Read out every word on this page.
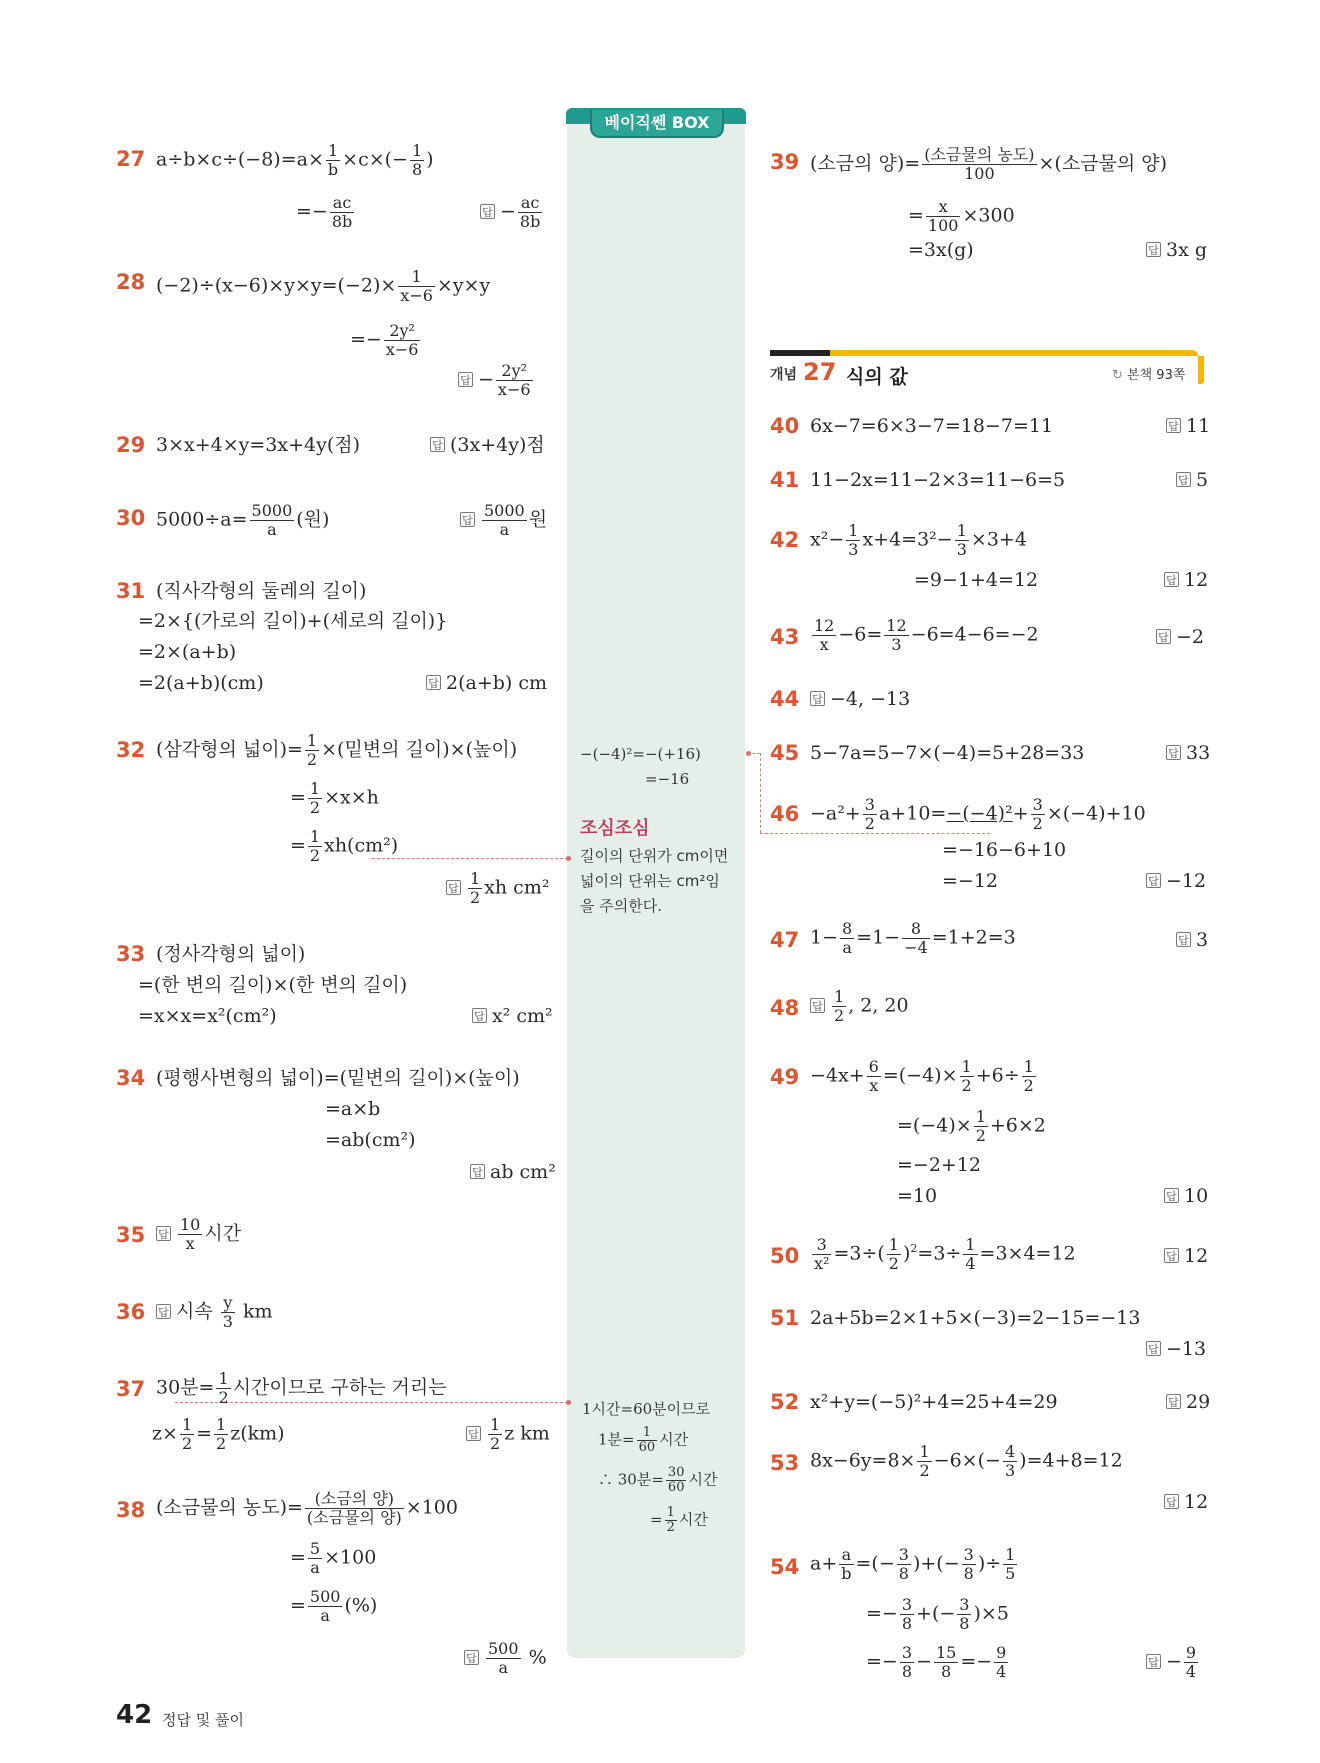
베이직쎈 BOX
−(−4)²=−(+16)
=−16
조심조심
길이의 단위가 cm이면
넓이의 단위는 cm²임
을 주의한다.
1시간=60분이므로
1분= $\frac{1}{60}$ 시간
∴ 30분= $\frac{30}{60}$ 시간
= $\frac{1}{2}$ 시간
27 $a\div b\times c\div(-8)=a\times \frac{1}{b} \times c\times(- \frac{1}{8}$ )
=− $\frac{ac}{8b}$	답 − $\frac{ac}{8b}$
28 $(-2)\div(x-6)\times y\times y=(-2)\times \frac{1}{x-6} \times y\times y$
=− $\frac{\text{2y²}}{x-6}$
답 − $\frac{\text{2y²}}{x-6}$
29 3×x+4×y=3x+4y(점)	답 (3x+4y)점
30 $5000\div a= \frac{5000}{a}$ (원)	답 $\frac{5000}{a}$ 원
31 (직사각형의 둘레의 길이)
=2×{(가로의 길이)+(세로의 길이)}
=2×(a+b)
=2(a+b)(cm)	답 2(a+b) cm
32 (삼각형의 넓이)= $\frac{1}{2}$ ×(밑변의 길이)×(높이)
= $\frac{1}{2} \times x\times h$
= $\frac{1}{2} xh(cm^2)$
답 $\frac{1}{2}$ xh cm²
33 (정사각형의 넓이)
=(한 변의 길이)×(한 변의 길이)
=x×x=x²(cm²)	답 x² cm²
34 (평행사변형의 넓이)=(밑변의 길이)×(높이)
=a×b
=ab(cm²)
답 ab cm²
35 답 $\frac{10}{x}$ 시간
36 답 시속 $\frac{y}{3}$ km
37 30분= $\frac{1}{2}$ 시간이므로 구하는 거리는
$z\times \frac{1}{2} = \frac{1}{2} z(km)$	답 $\frac{1}{2}$ z km
38 (소금물의 농도)= (소금의 양)
(소금물의 양) ×100
= $\frac{5}{a} \times 100$
= $\frac{500}{a}$ (%)
답 $\frac{500}{a}$ %
39 (소금의 양)= (소금물의 농도)
100	×(소금물의 양)
= $\frac{x}{100} \times 300$
=3x(g)	답 3x g
개념 27 식의 값	↻ 본책 93쪽
40 6x−7=6×3−7=18−7=11	답 11
41 11−2x=11−2×3=11−6=5	답 5
42 $x^2- \frac{1}{3} x+4=3^2- \frac{1}{3} \times 3+4$
=9−1+4=12	답 12
$43 \frac{12}{x} -6= \frac{12}{3} -6=4-6=-2$	답 −2
44 답 −4, −13
45 5−7a=5−7×(−4)=5+28=33	답 33
$46 -a^2+ \frac{3}{2} a+10=-(-4)^2+ \frac{3}{2} \times(-4)+10$
=−16−6+10
=−12	답 −12
47 $1- \frac{8}{a} =1- \frac{8}{-4} =1+2=3$	답 3
48 답 $\frac{1}{2}$ , 2, 20
$49 -4x+ \frac{6}{x} =(-4)\times \frac{1}{2} +6\div \frac{1}{2}$
$=(-4)\times \frac{1}{2} +6\times 2$
=−2+12
=10	답 10
$50 \frac{3}{\text{x²}} =3\div( \frac{1}{2} )^2=3\div \frac{1}{4} =3\times 4=12$	답 12
51 2a+5b=2×1+5×(−3)=2−15=−13
답 −13
52 x²+y=(−5)²+4=25+4=29	답 29
53 $8x-6y=8\times \frac{1}{2} -6\times(- \frac{4}{3} )=4+8=12$
답 12
54 $a+ \frac{a}{b}$ =(− $\frac{3}{8}$ )+(− $\frac{3}{8}$ )÷ $\frac{1}{5}$
=− $\frac{3}{8}$ +(− $\frac{3}{8} )\times 5$
=− $\frac{3}{8} - \frac{15}{8} =- \frac{9}{4}$	답 − $\frac{9}{4}$
42 정답 및 풀이
